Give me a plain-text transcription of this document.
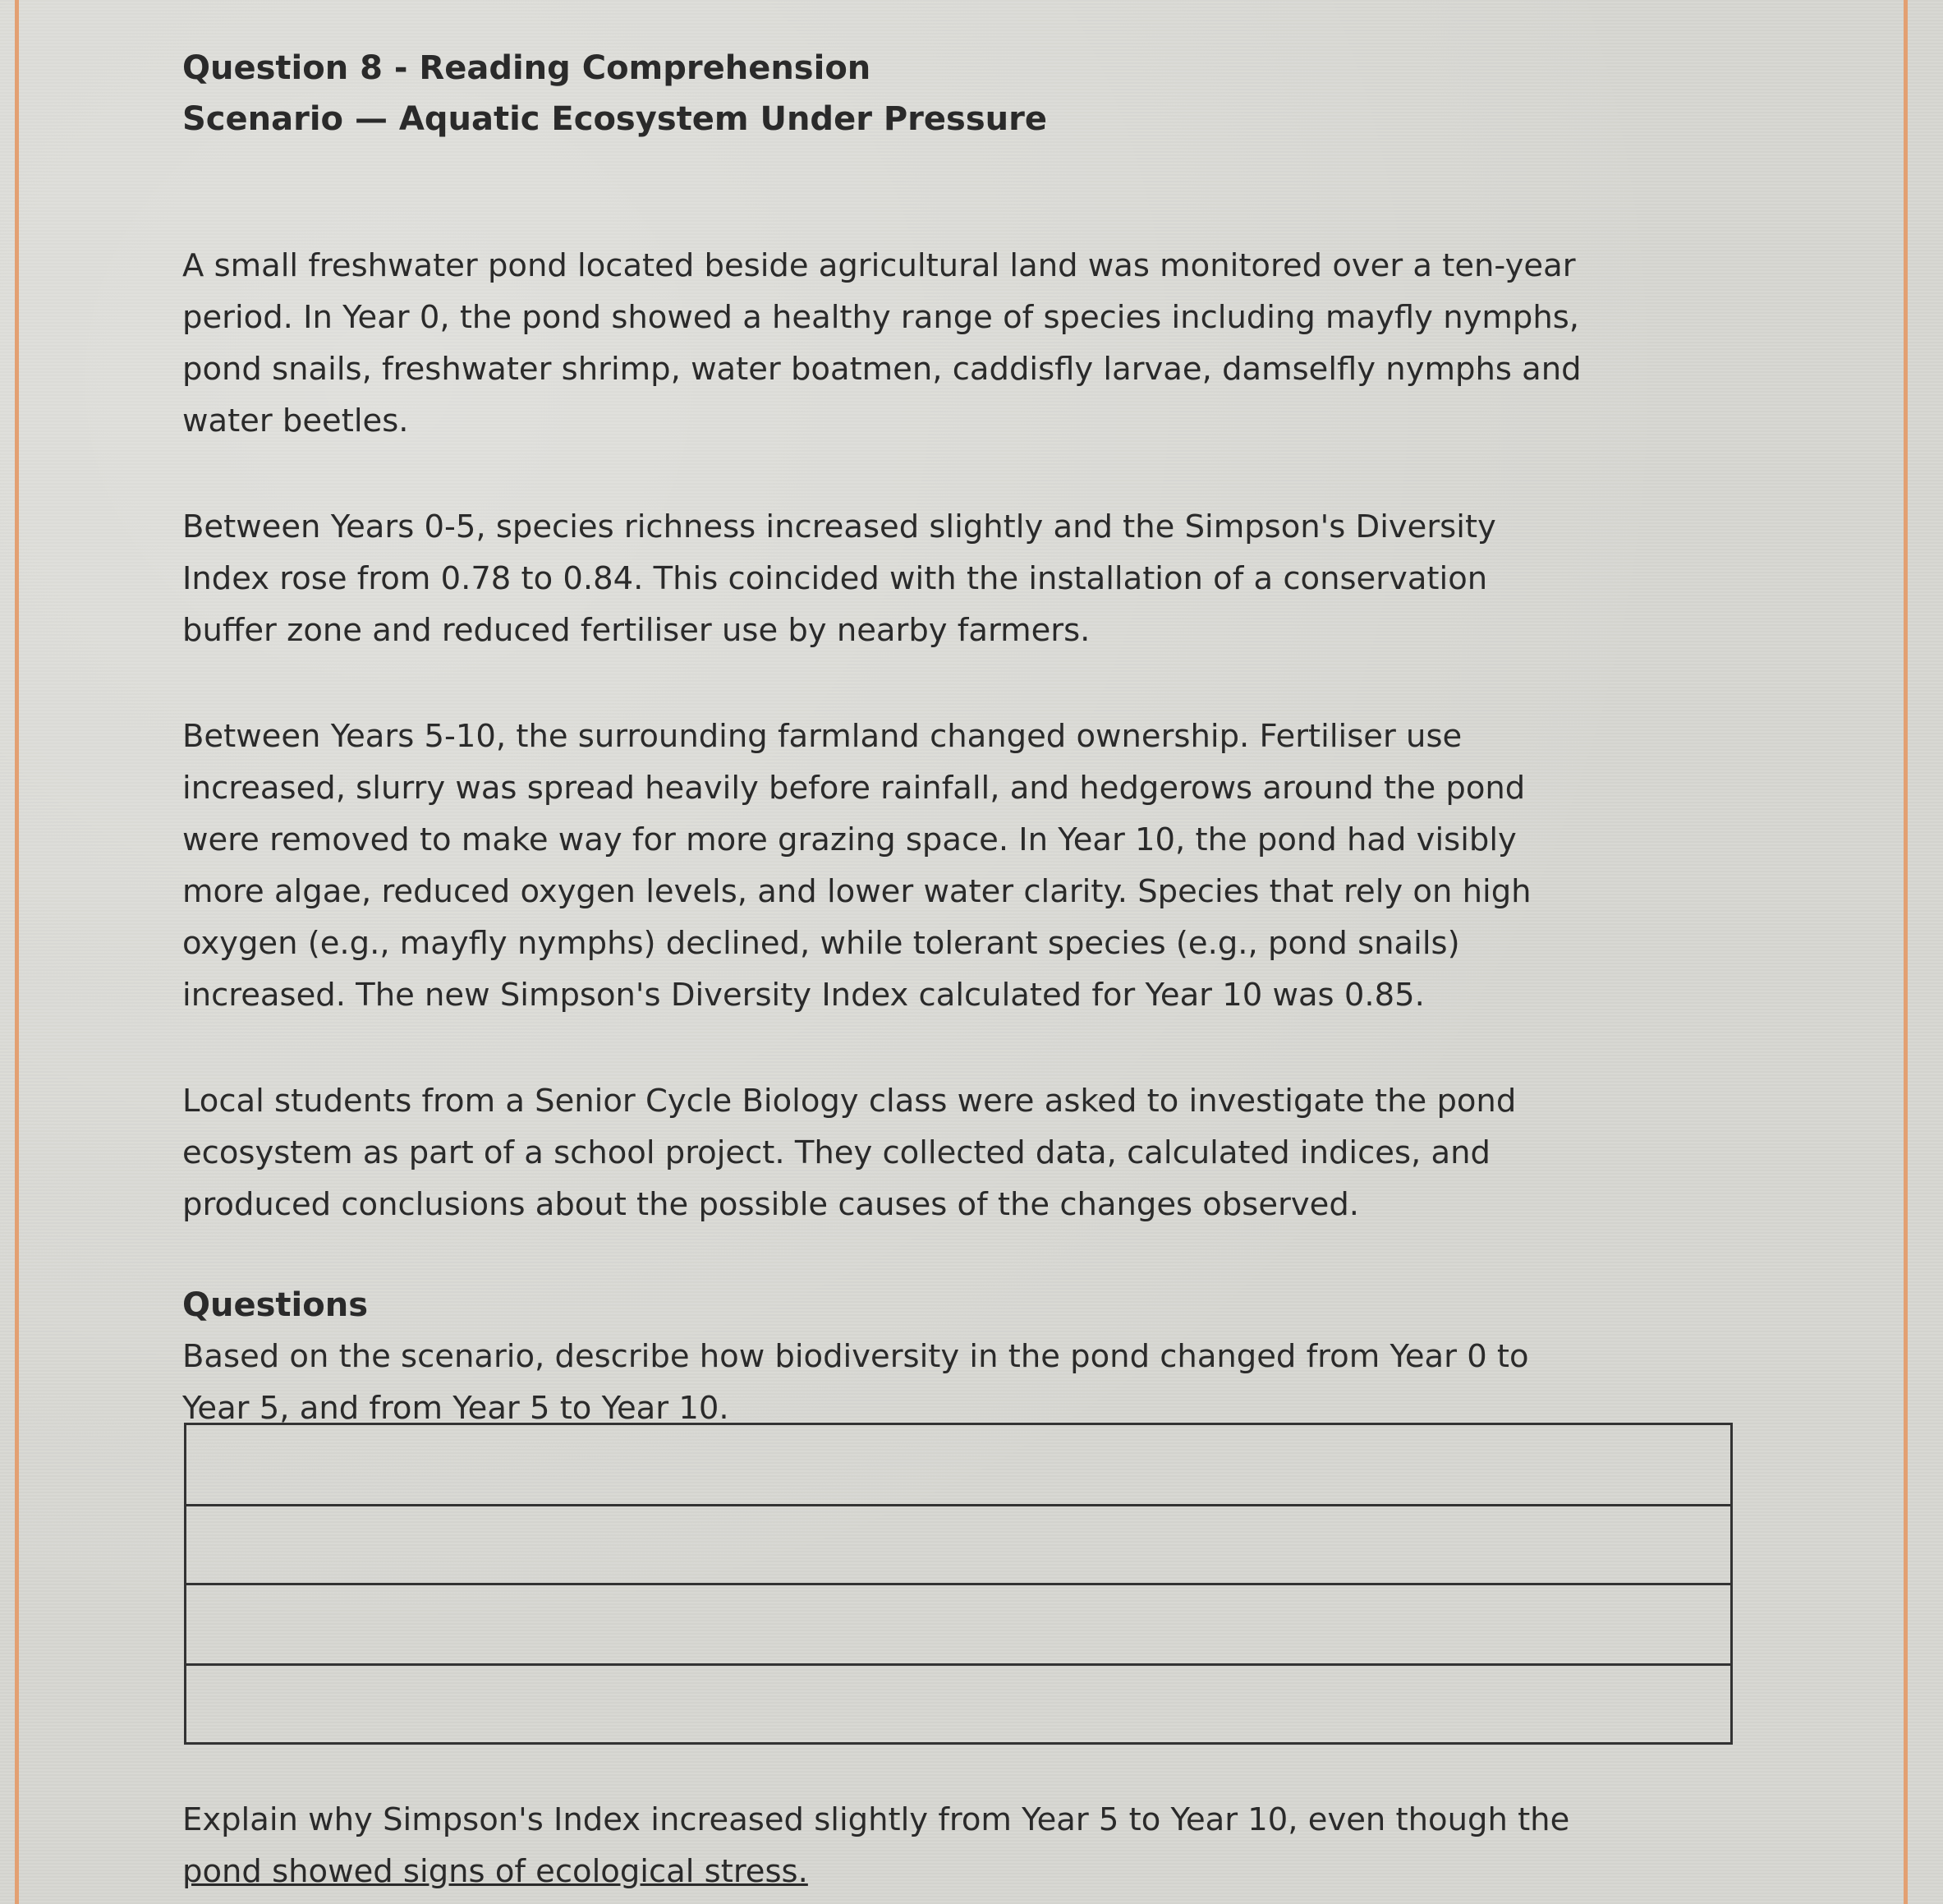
Question 8 - Reading Comprehension

Scenario — Aquatic Ecosystem Under Pressure

A small freshwater pond located beside agricultural land was monitored over a ten-year

period. In Year 0, the pond showed a healthy range of species including mayfly nymphs,

pond snails, freshwater shrimp, water boatmen, caddisfly larvae, damselfly nymphs and

water beetles.

Between Years 0-5, species richness increased slightly and the Simpson's Diversity

Index rose from 0.78 to 0.84. This coincided with the installation of a conservation

buffer zone and reduced fertiliser use by nearby farmers.

Between Years 5-10, the surrounding farmland changed ownership. Fertiliser use

increased, slurry was spread heavily before rainfall, and hedgerows around the pond

were removed to make way for more grazing space. In Year 10, the pond had visibly

more algae, reduced oxygen levels, and lower water clarity. Species that rely on high

oxygen (e.g., mayfly nymphs) declined, while tolerant species (e.g., pond snails)

increased. The new Simpson's Diversity Index calculated for Year 10 was 0.85.

Local students from a Senior Cycle Biology class were asked to investigate the pond

ecosystem as part of a school project. They collected data, calculated indices, and

produced conclusions about the possible causes of the changes observed.

Questions

Based on the scenario, describe how biodiversity in the pond changed from Year 0 to

Year 5, and from Year 5 to Year 10.

Explain why Simpson's Index increased slightly from Year 5 to Year 10, even though the

pond showed signs of ecological stress.
